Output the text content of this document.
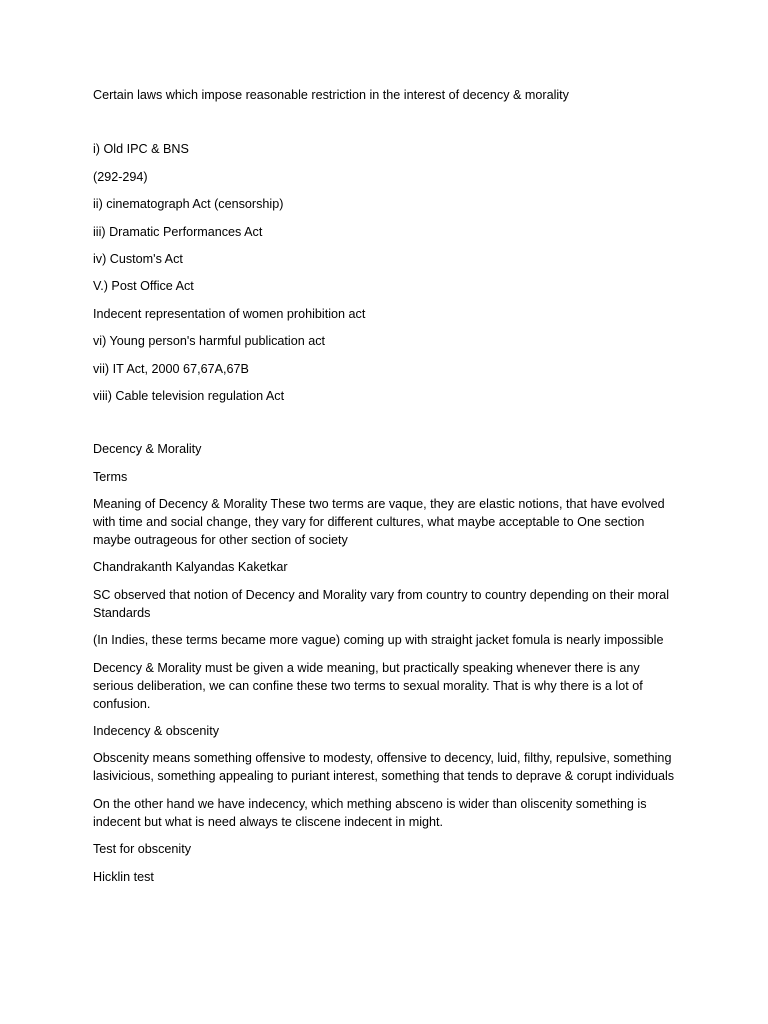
Certain laws which impose reasonable restriction in the interest of decency & morality

i) Old IPC & BNS

(292-294)

ii) cinematograph Act (censorship)

iii) Dramatic Performances Act

iv) Custom's Act

V.) Post Office Act

Indecent representation of women prohibition act

vi) Young person's harmful publication act

vii) IT Act, 2000 67,67A,67B

viii) Cable television regulation Act

Decency & Morality

Terms

Meaning of Decency & Morality These two terms are vaque, they are elastic notions, that have evolved with time and social change, they vary for different cultures, what maybe acceptable to One section maybe outrageous for other section of society

Chandrakanth Kalyandas Kaketkar

SC observed that notion of Decency and Morality vary from country to country depending on their moral Standards

(In Indies, these terms became more vague) coming up with straight jacket fomula is nearly impossible

Decency & Morality must be given a wide meaning, but practically speaking whenever there is any serious deliberation, we can confine these two terms to sexual morality. That is why there is a lot of confusion.

Indecency & obscenity

Obscenity means something offensive to modesty, offensive to decency, luid, filthy, repulsive, something lasivicious, something appealing to puriant interest, something that tends to deprave & corupt individuals

On the other hand we have indecency, which mething absceno is wider than oliscenity something is indecent but what is need always te cliscene indecent in might.

Test for obscenity

Hicklin test
